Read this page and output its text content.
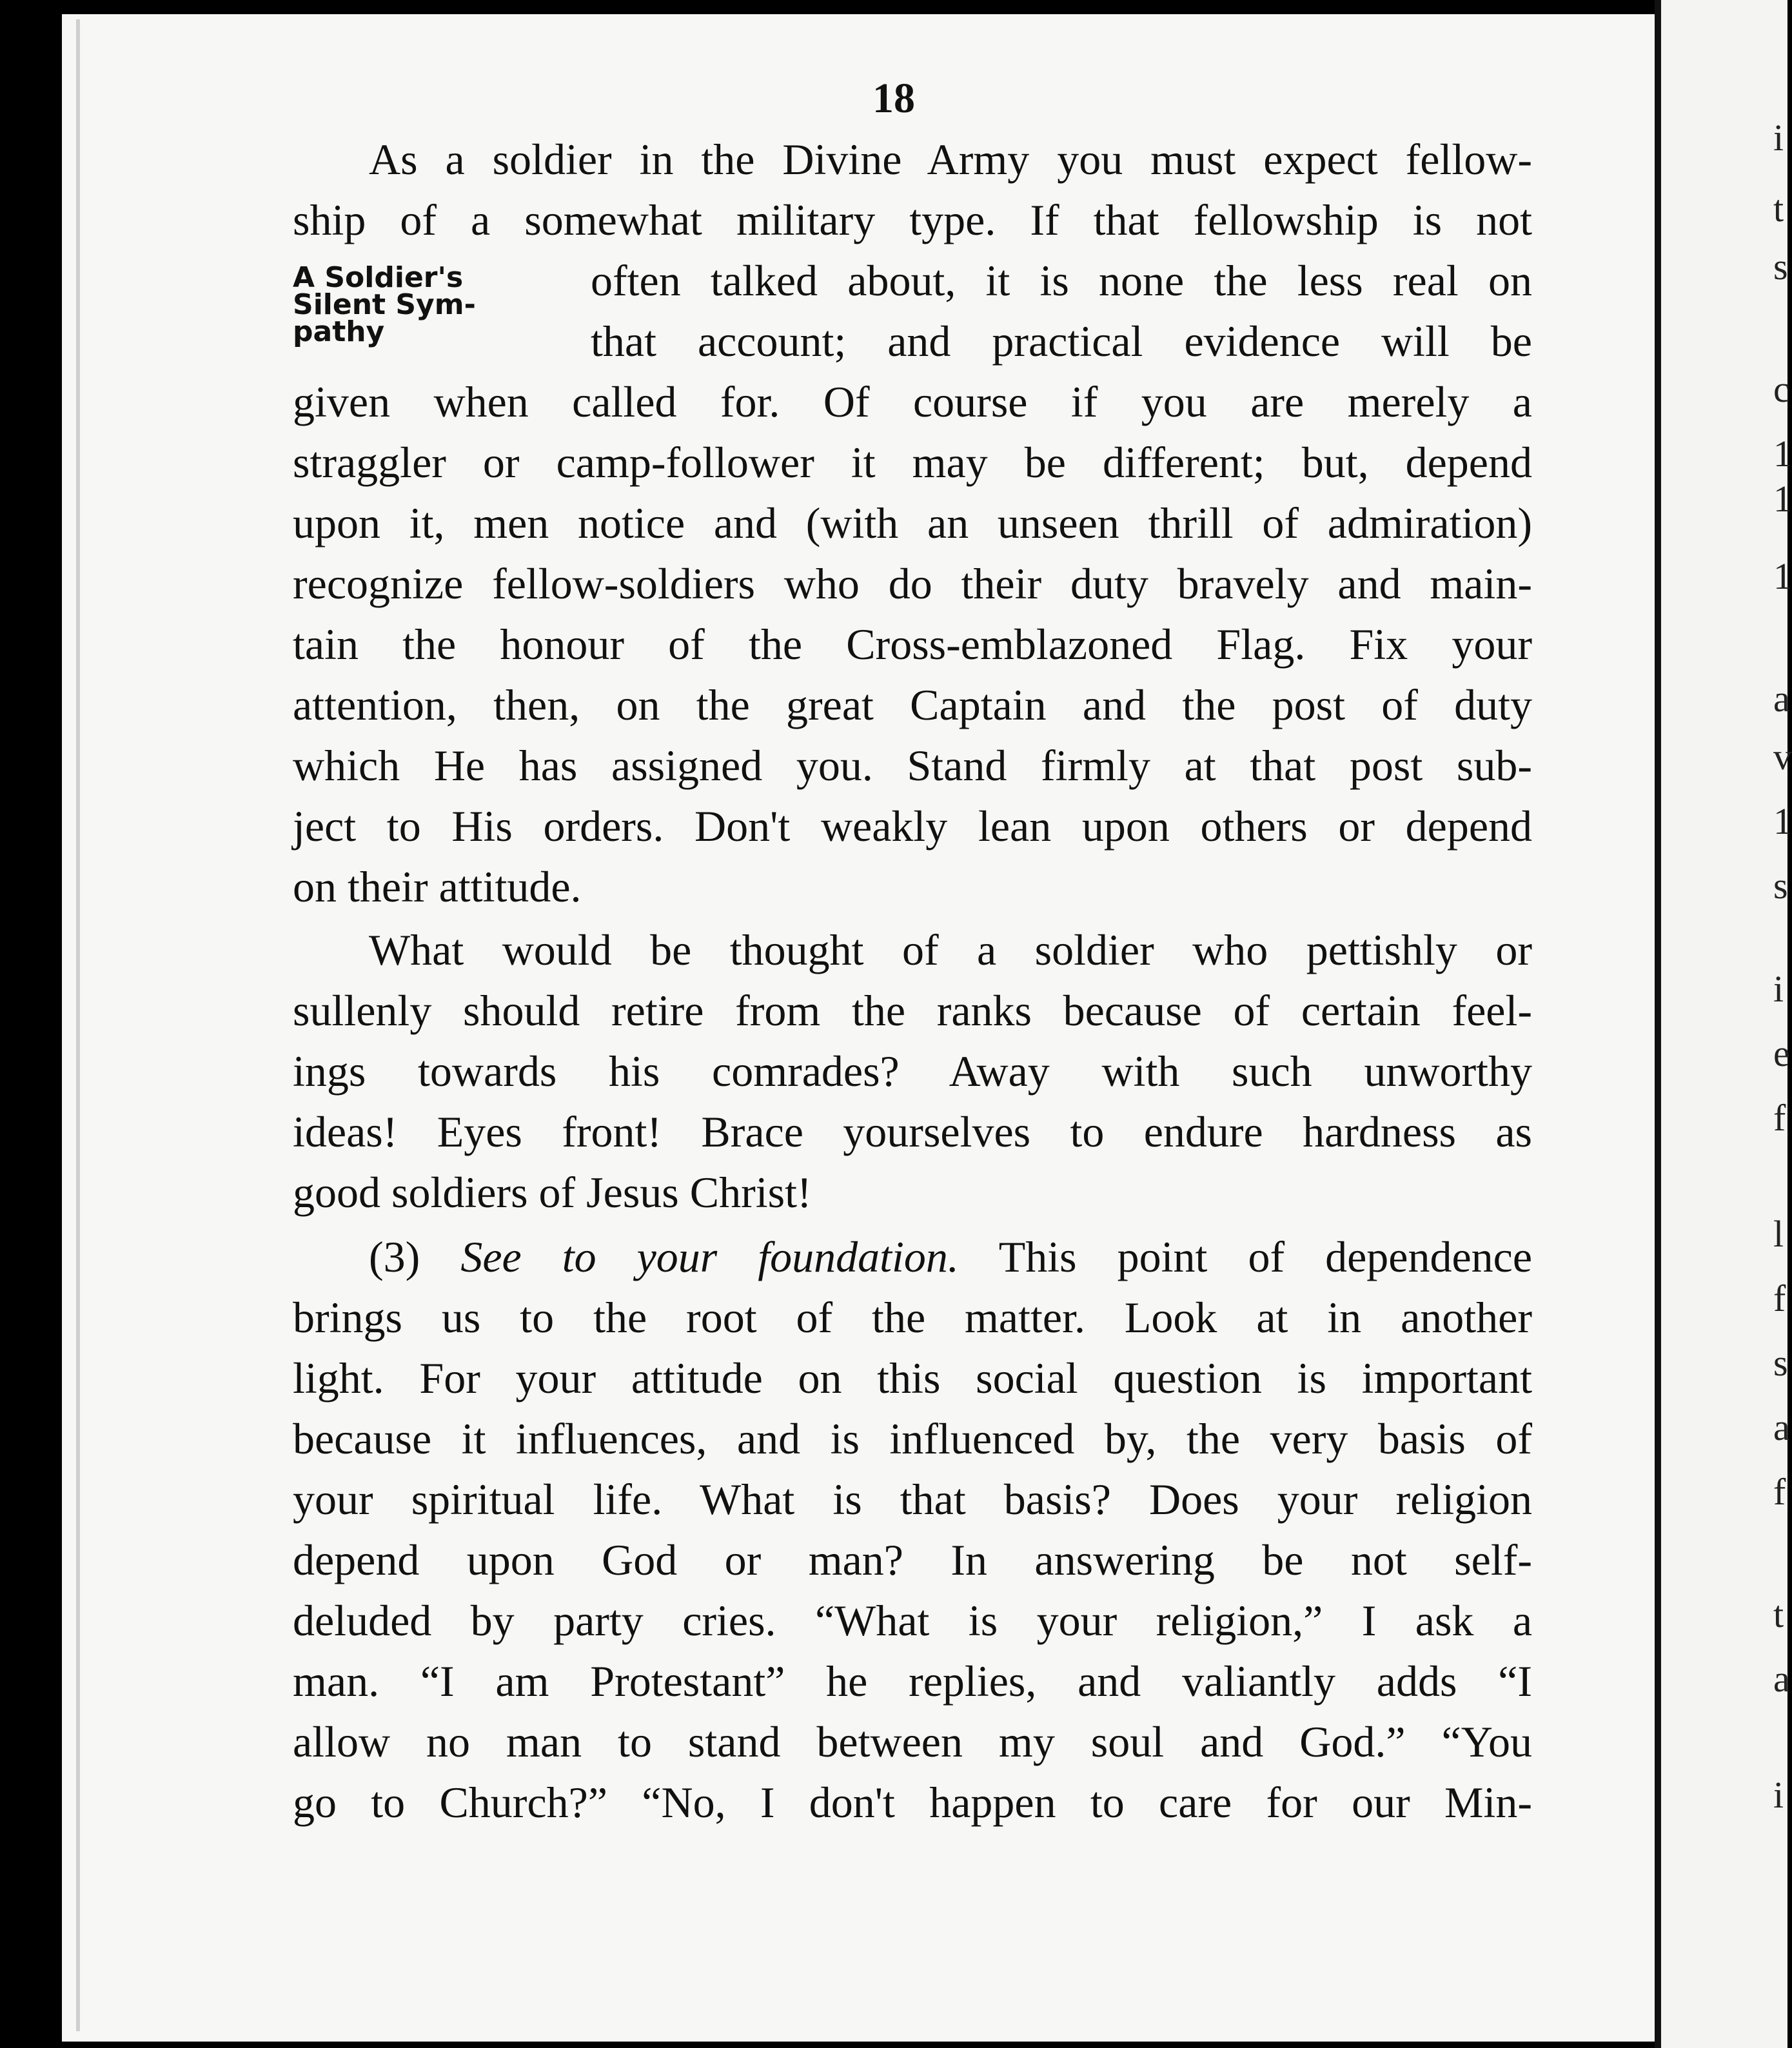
18
A Soldier's
Silent Sym-
pathy
As a soldier in the Divine Army you must expect fellow-
ship of a somewhat military type. If that fellowship is not
often talked about, it is none the less real on
that account; and practical evidence will be
given when called for. Of course if you are merely a
straggler or camp-follower it may be different; but, depend
upon it, men notice and (with an unseen thrill of admiration)
recognize fellow-soldiers who do their duty bravely and main-
tain the honour of the Cross-emblazoned Flag. Fix your
attention, then, on the great Captain and the post of duty
which He has assigned you. Stand firmly at that post sub-
ject to His orders. Don't weakly lean upon others or depend
on their attitude.
What would be thought of a soldier who pettishly or
sullenly should retire from the ranks because of certain feel-
ings towards his comrades? Away with such unworthy
ideas! Eyes front! Brace yourselves to endure hardness as
good soldiers of Jesus Christ!
(3) See to your foundation. This point of dependence
brings us to the root of the matter. Look at in another
light. For your attitude on this social question is important
because it influences, and is influenced by, the very basis of
your spiritual life. What is that basis? Does your religion
depend upon God or man? In answering be not self-
deluded by party cries. “What is your religion,” I ask a
man. “I am Protestant” he replies, and valiantly adds “I
allow no man to stand between my soul and God.” “You
go to Church?” “No, I don't happen to care for our Min-
i
t
s
c
1
1
1
a
v
1
s
i
e
f
l
f
s
a
f
t
a
i
